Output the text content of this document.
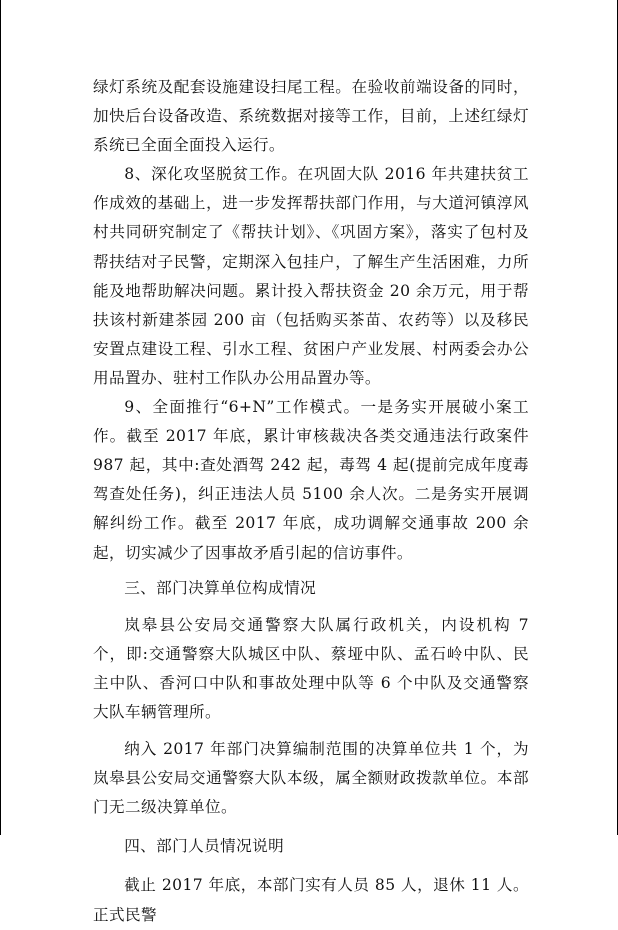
绿灯系统及配套设施建设扫尾工程。在验收前端设备的同时，加快后台设备改造、系统数据对接等工作，目前，上述红绿灯系统已全面全面投入运行。

8、深化攻坚脱贫工作。在巩固大队 2016 年共建扶贫工作成效的基础上，进一步发挥帮扶部门作用，与大道河镇淳风村共同研究制定了《帮扶计划》、《巩固方案》，落实了包村及帮扶结对子民警，定期深入包挂户，了解生产生活困难，力所能及地帮助解决问题。累计投入帮扶资金 20 余万元，用于帮扶该村新建茶园 200 亩（包括购买茶苗、农药等）以及移民安置点建设工程、引水工程、贫困户产业发展、村两委会办公用品置办、驻村工作队办公用品置办等。

9、全面推行“6+N”工作模式。一是务实开展破小案工作。截至 2017 年底，累计审核裁决各类交通违法行政案件 987 起，其中:查处酒驾 242 起，毒驾 4 起(提前完成年度毒驾查处任务)，纠正违法人员 5100 余人次。二是务实开展调解纠纷工作。截至 2017 年底，成功调解交通事故 200 余起，切实减少了因事故矛盾引起的信访事件。

三、部门决算单位构成情况

岚皋县公安局交通警察大队属行政机关，内设机构 7 个，即:交通警察大队城区中队、蔡垭中队、孟石岭中队、民主中队、香河口中队和事故处理中队等 6 个中队及交通警察大队车辆管理所。

纳入 2017 年部门决算编制范围的决算单位共 1 个，为岚皋县公安局交通警察大队本级，属全额财政拨款单位。本部门无二级决算单位。

四、部门人员情况说明

截止 2017 年底，本部门实有人员 85 人，退休 11 人。正式民警
